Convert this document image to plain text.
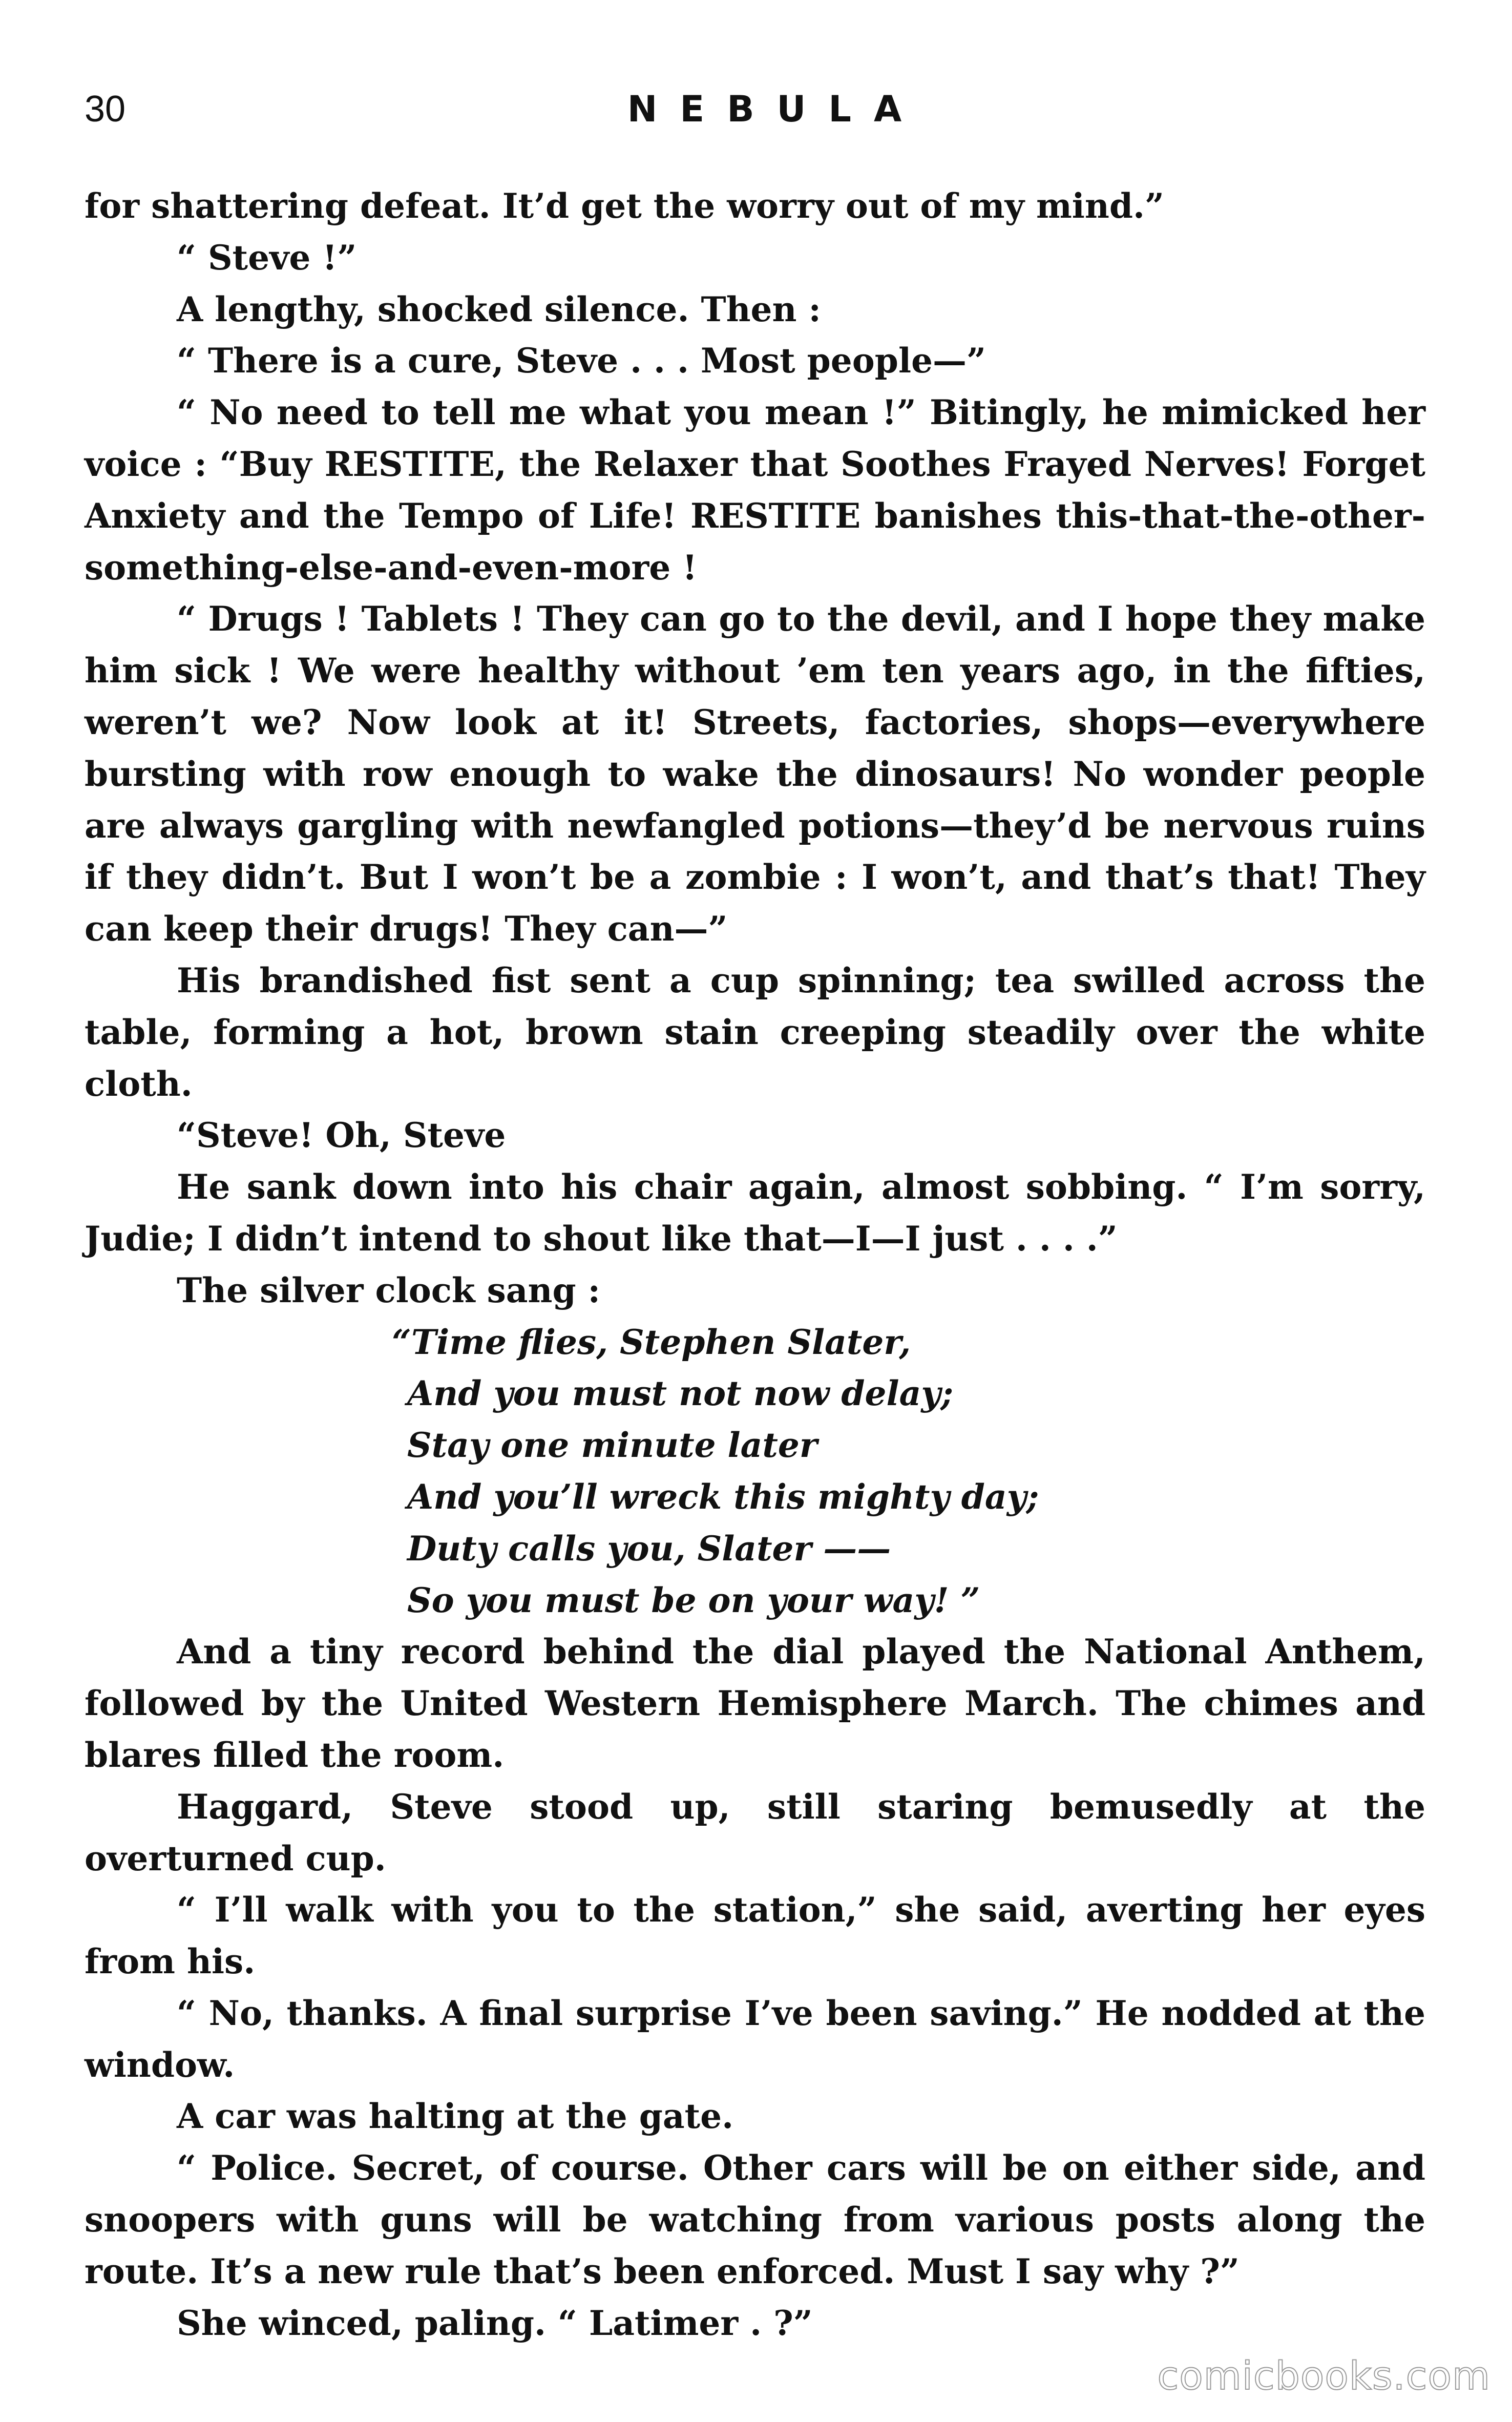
30	NEBULA

for shattering defeat. It’d get the worry out of my mind.”

“ Steve !”

A lengthy, shocked silence. Then :

“ There is a cure, Steve . . . Most people—”

“ No need to tell me what you mean !” Bitingly, he mimicked her voice : “Buy RESTITE, the Relaxer that Soothes Frayed Nerves! Forget Anxiety and the Tempo of Life! RESTITE banishes this-that-the-other-something-else-and-even-more !

“ Drugs ! Tablets ! They can go to the devil, and I hope they make him sick ! We were healthy without ’em ten years ago, in the fifties, weren’t we? Now look at it! Streets, factories, shops—everywhere bursting with row enough to wake the dinosaurs! No wonder people are always gargling with newfangled potions—they’d be nervous ruins if they didn’t. But I won’t be a zombie : I won’t, and that’s that! They can keep their drugs! They can—”

His brandished fist sent a cup spinning; tea swilled across the table, forming a hot, brown stain creeping steadily over the white cloth.

“Steve! Oh, Steve

He sank down into his chair again, almost sobbing. “ I’m sorry, Judie; I didn’t intend to shout like that—I—I just . . . .”

The silver clock sang :

“Time flies, Stephen Slater,
And you must not now delay;
Stay one minute later
And you’ll wreck this mighty day;
Duty calls you, Slater ——
So you must be on your way! ”

And a tiny record behind the dial played the National Anthem, followed by the United Western Hemisphere March. The chimes and blares filled the room.

Haggard, Steve stood up, still staring bemusedly at the overturned cup.

“ I’ll walk with you to the station,” she said, averting her eyes from his.

“ No, thanks. A final surprise I’ve been saving.” He nodded at the window.

A car was halting at the gate.

“ Police. Secret, of course. Other cars will be on either side, and snoopers with guns will be watching from various posts along the route. It’s a new rule that’s been enforced. Must I say why ?”

She winced, paling. “ Latimer . ?”

comicbooks.com
